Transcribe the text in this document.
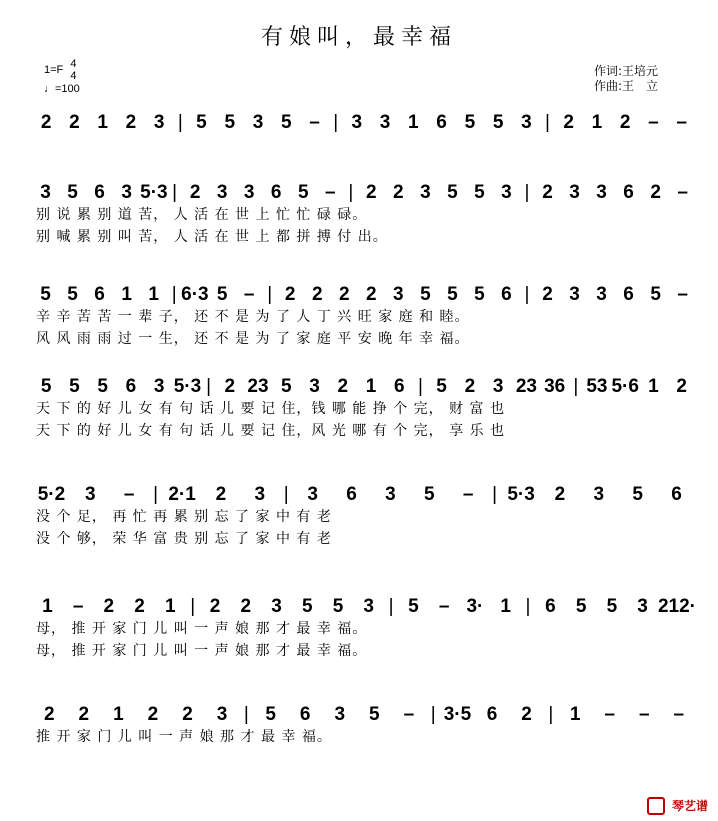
有娘叫，最幸福
1=F 4
4
♩=100
作词:王培元
作曲:王　立
2 2 1 2 3 | 5 5 3 5 – | 3 3 1 6 5 5 3 | 2 1 2 – –
3 5 6 3 5·3 | 2 3 3 6 5 – | 2 2 3 5 5 3 | 2 3 3 6 2 –
别 说 累 别 道 苦， 人 活 在 世 上 忙 忙 碌 碌。
别 喊 累 别 叫 苦， 人 活 在 世 上 都 拼 搏 付 出。
5 5 6 1 1 | 6·3 5 – | 2 2 2 2 3 5 5 5 6 | 2 3 3 6 5 –
辛 辛 苦 苦 一 辈 子， 还 不 是 为 了 人 丁 兴 旺 家 庭 和 睦。
风 风 雨 雨 过 一 生， 还 不 是 为 了 家 庭 平 安 晚 年 幸 福。
5 5 5 6 3 5·3 | 2 23 5 3 2 1 6 | 5 2 3 23 36 | 53 5·6 1 2
天 下 的 好 儿 女 有 句 话 儿 要 记 住，钱 哪 能 挣 个 完， 财 富 也
天 下 的 好 儿 女 有 句 话 儿 要 记 住，风 光 哪 有 个 完， 享 乐 也
5·2	3	– | 2·1	2	3 | 3	6	3	5	– | 5·3	2	3	5	6
没 个 足， 再 忙 再 累 别 忘 了 家 中 有 老
没 个 够， 荣 华 富 贵 别 忘 了 家 中 有 老
1	–	2	2	1 | 2	2	3	5	5	3 | 5	– 3· 1 | 6	5	5	3 212·
母， 推 开 家 门 儿 叫 一 声 娘 那 才 最 幸 福。
母， 推 开 家 门 儿 叫 一 声 娘 那 才 最 幸 福。
2	2	1	2	2	3 | 5	6	3	5	– | 3·5 6	2 | 1	–	–	–
推 开 家 门 儿 叫 一 声 娘 那 才 最 幸 福。
琴艺谱
